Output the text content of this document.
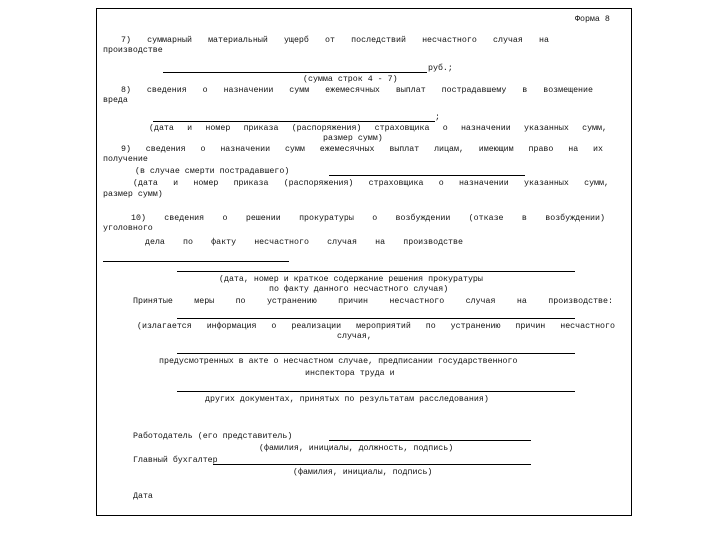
Форма 8
7) суммарный материальный ущерб от последствий несчастного случая на
производстве
руб.;
(сумма строк 4 - 7)
8) сведения о назначении сумм ежемесячных выплат пострадавшему в возмещение
вреда
;
(дата и номер приказа (распоряжения) страховщика о назначении указанных сумм,
размер сумм)
9) сведения о назначении сумм ежемесячных выплат лицам, имеющим право на их
получение
(в случае смерти пострадавшего)
(дата и номер приказа (распоряжения) страховщика о назначении указанных сумм,
размер сумм)
10) сведения о решении прокуратуры о возбуждении (отказе в возбуждении)
уголовного
дела по факту несчастного случая на производстве
(дата, номер и краткое содержание решения прокуратуры
по факту данного несчастного случая)
Принятые меры по устранению причин несчастного случая на производстве:
(излагается информация о реализации мероприятий по устранению причин несчастного
случая,
предусмотренных в акте о несчастном случае, предписании государственного
инспектора труда и
других документах, принятых по результатам расследования)
Работодатель (его представитель)
(фамилия, инициалы, должность, подпись)
Главный бухгалтер
(фамилия, инициалы, подпись)
Дата
